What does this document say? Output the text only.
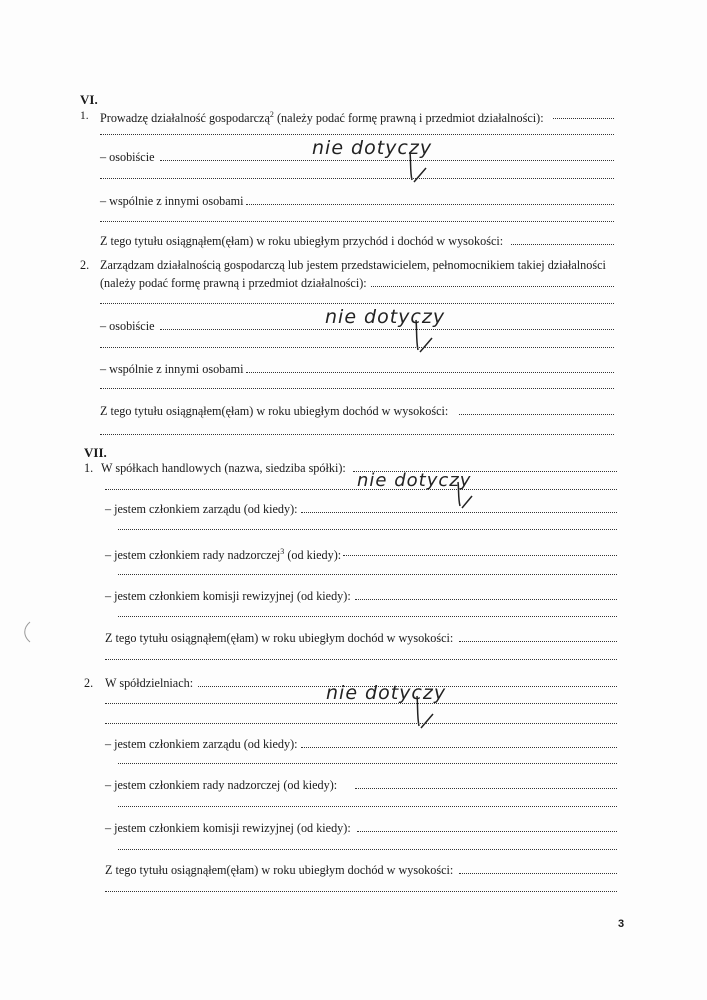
VI.
1. Prowadzę działalność gospodarczą$^2$ (należy podać formę prawną i przedmiot działalności):
– osobiście	nie dotyczy
– wspólnie z innymi osobami
Z tego tytułu osiągnąłem(ęłam) w roku ubiegłym przychód i dochód w wysokości:
2. Zarządzam działalnością gospodarczą lub jestem przedstawicielem, pełnomocnikiem takiej działalności
(należy podać formę prawną i przedmiot działalności):
– osobiście	nie dotyczy
– wspólnie z innymi osobami
Z tego tytułu osiągnąłem(ęłam) w roku ubiegłym dochód w wysokości:
VII.
1. W spółkach handlowych (nazwa, siedziba spółki):
nie dotyczy
– jestem członkiem zarządu (od kiedy):
– jestem członkiem rady nadzorczej$^3$ (od kiedy):
– jestem członkiem komisji rewizyjnej (od kiedy):
Z tego tytułu osiągnąłem(ęłam) w roku ubiegłym dochód w wysokości:
2. W spółdzielniach:	nie dotyczy
– jestem członkiem zarządu (od kiedy):
– jestem członkiem rady nadzorczej (od kiedy):
– jestem członkiem komisji rewizyjnej (od kiedy):
Z tego tytułu osiągnąłem(ęłam) w roku ubiegłym dochód w wysokości:
3
